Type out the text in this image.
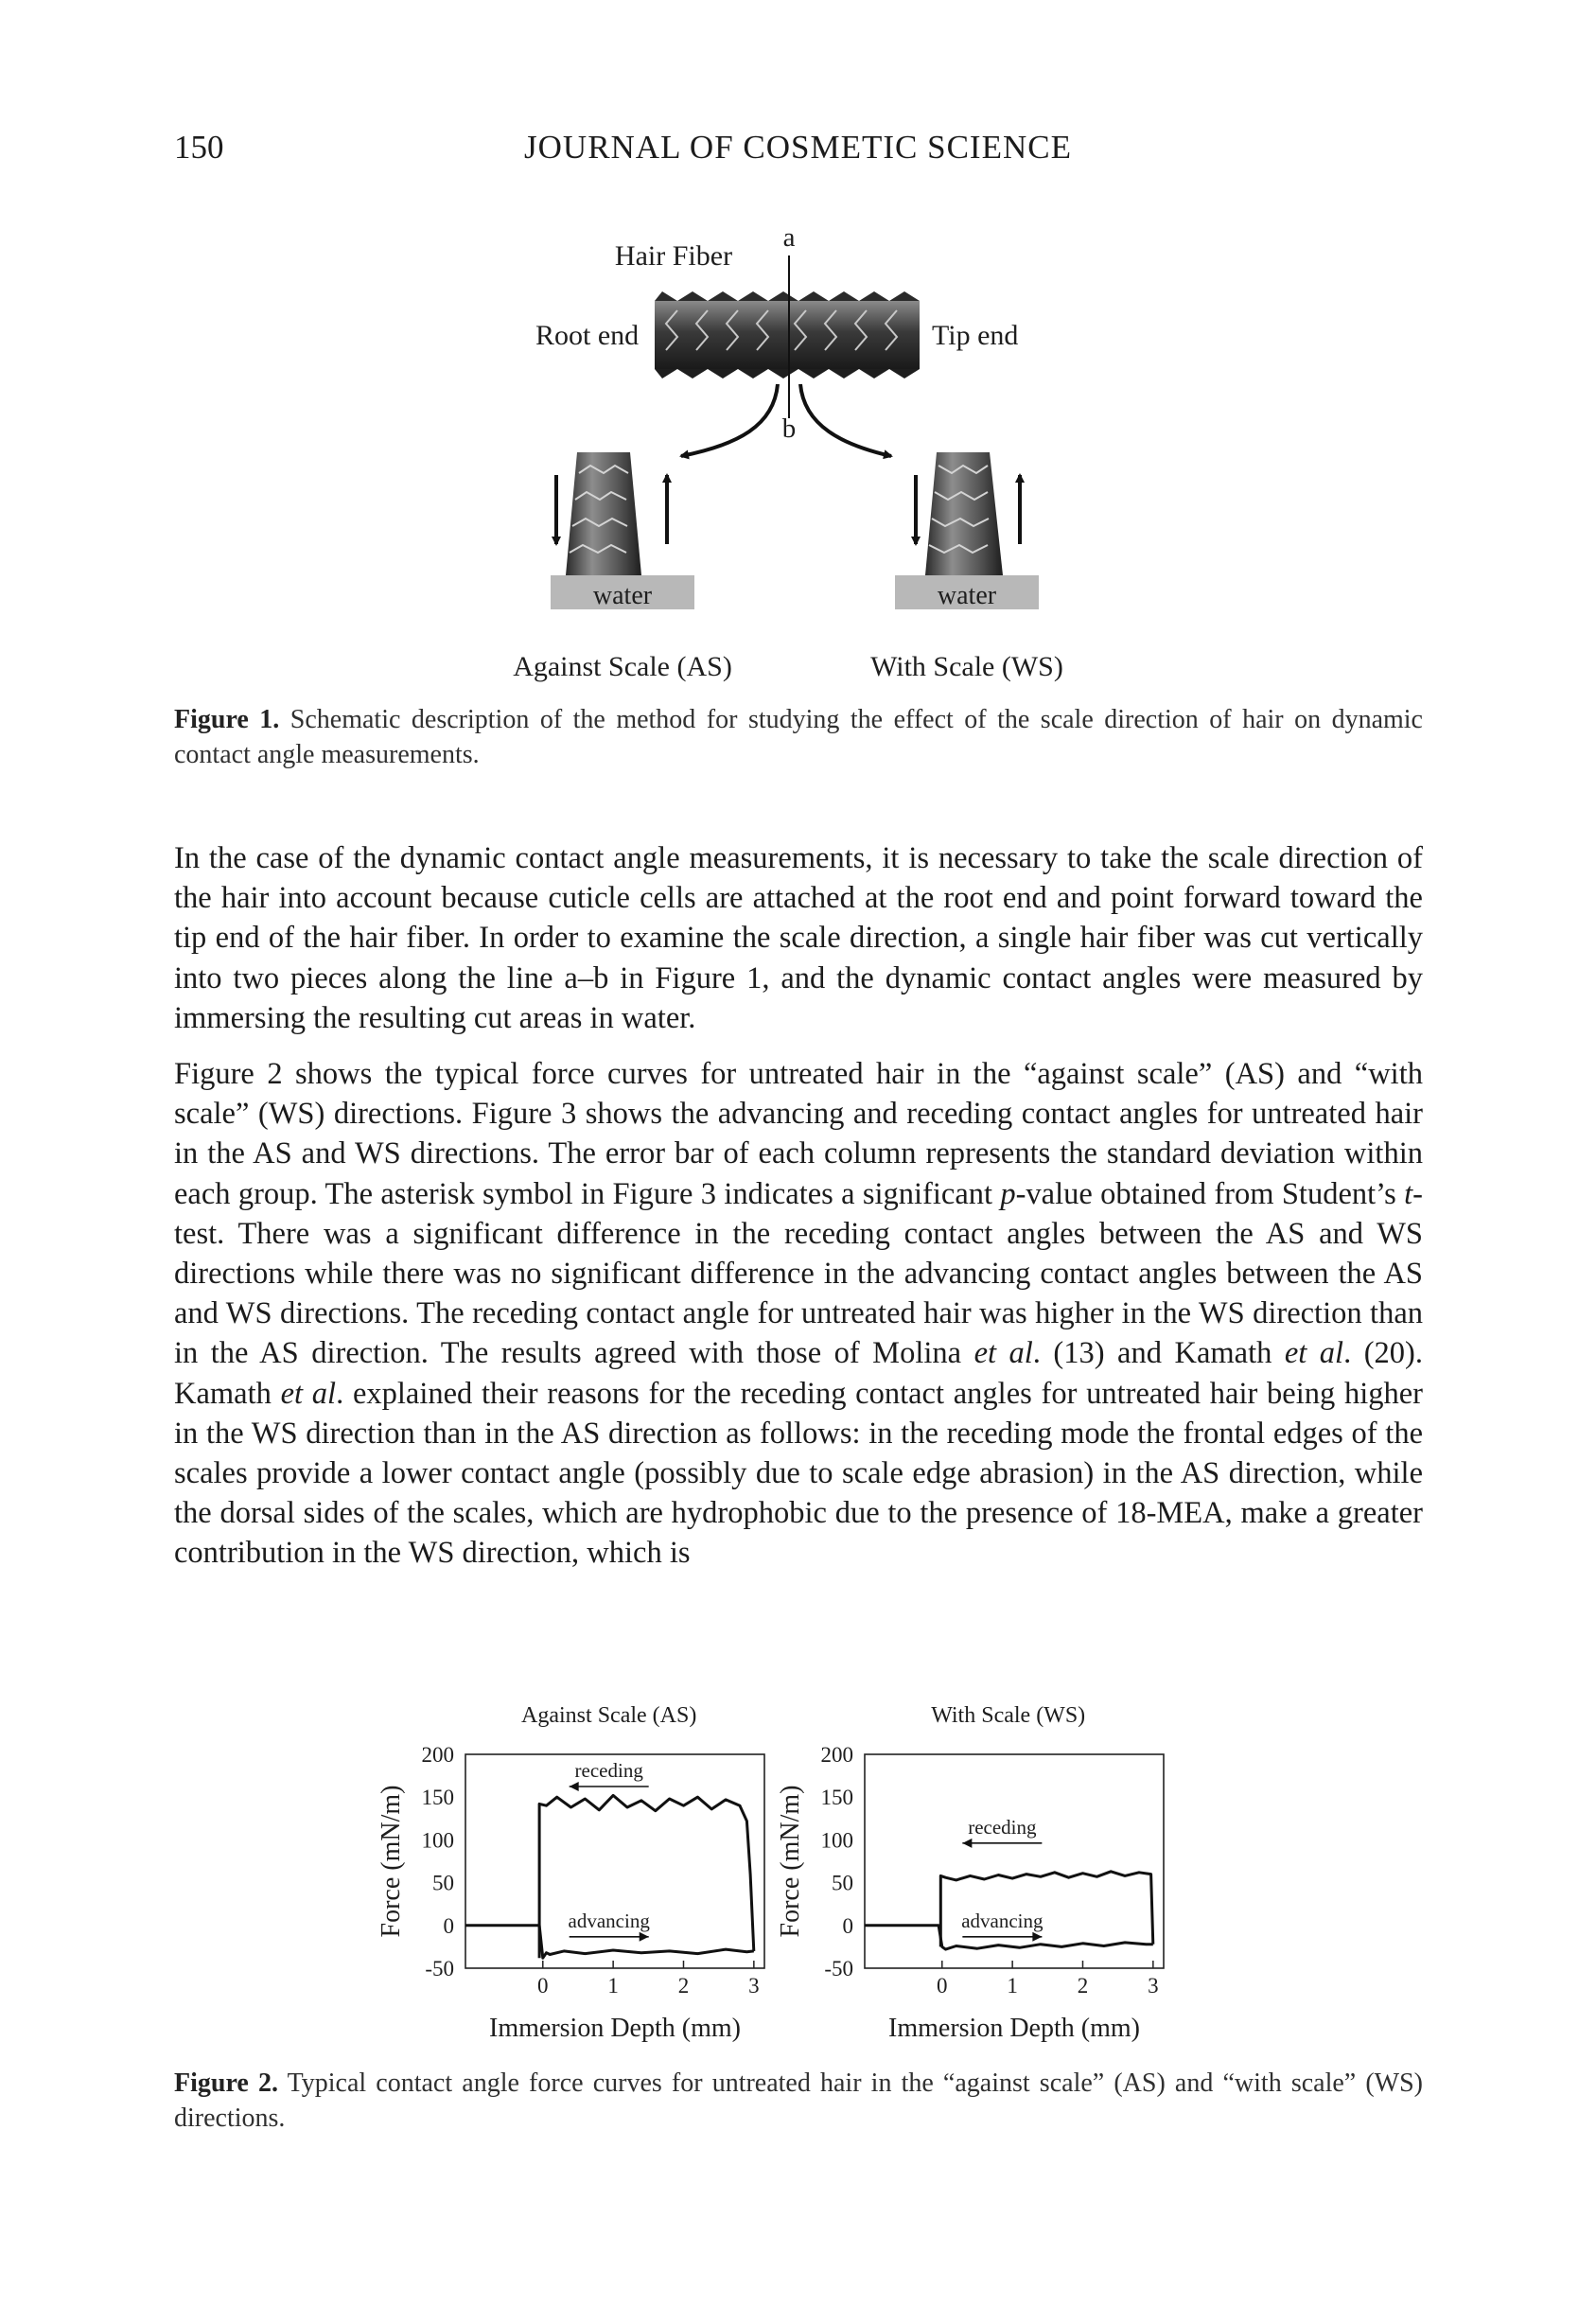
150	JOURNAL OF COSMETIC SCIENCE
Hair Fiber
a
Root end	Tip end
b
water	water
Against Scale (AS)	With Scale (WS)
Figure 1. Schematic description of the method for studying the effect of the scale direction of hair on dynamic contact angle measurements.

In the case of the dynamic contact angle measurements, it is necessary to take the scale direction of the hair into account because cuticle cells are attached at the root end and point forward toward the tip end of the hair fiber. In order to examine the scale direction, a single hair fiber was cut vertically into two pieces along the line a–b in Figure 1, and the dynamic contact angles were measured by immersing the resulting cut areas in water.

Figure 2 shows the typical force curves for untreated hair in the “against scale” (AS) and “with scale” (WS) directions. Figure 3 shows the advancing and receding contact angles for untreated hair in the AS and WS directions. The error bar of each column represents the standard deviation within each group. The asterisk symbol in Figure 3 indicates a significant p-value obtained from Student’s t-test. There was a significant difference in the receding contact angles between the AS and WS directions while there was no significant difference in the advancing contact angles between the AS and WS directions. The receding contact angle for untreated hair was higher in the WS direction than in the AS direction. The results agreed with those of Molina et al. (13) and Kamath et al. (20). Kamath et al. explained their reasons for the receding contact angles for untreated hair being higher in the WS direction than in the AS direction as follows: in the receding mode the frontal edges of the scales provide a lower contact angle (possibly due to scale edge abrasion) in the AS direction, while the dorsal sides of the scales, which are hydrophobic due to the presence of 18-MEA, make a greater contribution in the WS direction, which is

Against Scale (AS)
200
150
100
50
0
-50
0	1	2	3
Immersion Depth (mm)
Force (mN/m)
receding
advancing
With Scale (WS)
200
150
100
50
0
-50
0	1	2	3
Immersion Depth (mm)
Force (mN/m)	receding
advancing
Figure 2. Typical contact angle force curves for untreated hair in the “against scale” (AS) and “with scale” (WS) directions.
